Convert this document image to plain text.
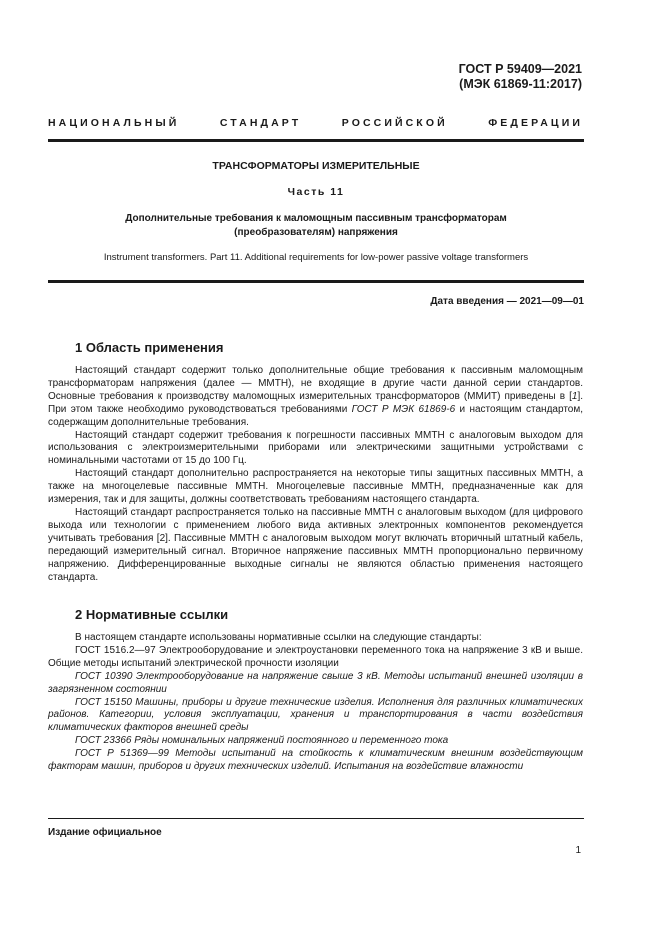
ГОСТ Р 59409—2021
(МЭК 61869-11:2017)
НАЦИОНАЛЬНЫЙ СТАНДАРТ РОССИЙСКОЙ ФЕДЕРАЦИИ
ТРАНСФОРМАТОРЫ ИЗМЕРИТЕЛЬНЫЕ
Часть 11
Дополнительные требования к маломощным пассивным трансформаторам
(преобразователям) напряжения
Instrument transformers. Part 11. Additional requirements for low-power passive voltage transformers
Дата введения — 2021—09—01
1 Область применения

Настоящий стандарт содержит только дополнительные общие требования к пассивным маломощным трансформаторам напряжения (далее — ММТН), не входящие в другие части данной серии стандартов. Основные требования к производству маломощных измерительных трансформаторов (ММИТ) приведены в [1]. При этом также необходимо руководствоваться требованиями ГОСТ Р МЭК 61869-6 и настоящим стандартом, содержащим дополнительные требования.

Настоящий стандарт содержит требования к погрешности пассивных ММТН с аналоговым выходом для использования с электроизмерительными приборами или электрическими защитными устройствами с номинальными частотами от 15 до 100 Гц.

Настоящий стандарт дополнительно распространяется на некоторые типы защитных пассивных ММТН, а также на многоцелевые пассивные ММТН. Многоцелевые пассивные ММТН, предназначенные как для измерения, так и для защиты, должны соответствовать требованиям настоящего стандарта.

Настоящий стандарт распространяется только на пассивные ММТН с аналоговым выходом (для цифрового выхода или технологии с применением любого вида активных электронных компонентов рекомендуется учитывать требования [2]. Пассивные ММТН с аналоговым выходом могут включать вторичный штатный кабель, передающий измерительный сигнал. Вторичное напряжение пассивных ММТН пропорционально первичному напряжению. Дифференцированные выходные сигналы не являются областью применения настоящего стандарта.

2 Нормативные ссылки

В настоящем стандарте использованы нормативные ссылки на следующие стандарты:

ГОСТ 1516.2—97 Электрооборудование и электроустановки переменного тока на напряжение 3 кВ и выше. Общие методы испытаний электрической прочности изоляции

ГОСТ 10390 Электрооборудование на напряжение свыше 3 кВ. Методы испытаний внешней изоляции в загрязненном состоянии

ГОСТ 15150 Машины, приборы и другие технические изделия. Исполнения для различных климатических районов. Категории, условия эксплуатации, хранения и транспортирования в части воздействия климатических факторов внешней среды

ГОСТ 23366 Ряды номинальных напряжений постоянного и переменного тока

ГОСТ Р 51369—99 Методы испытаний на стойкость к климатическим внешним воздействующим факторам машин, приборов и других технических изделий. Испытания на воздействие влажности

Издание официальное
1
